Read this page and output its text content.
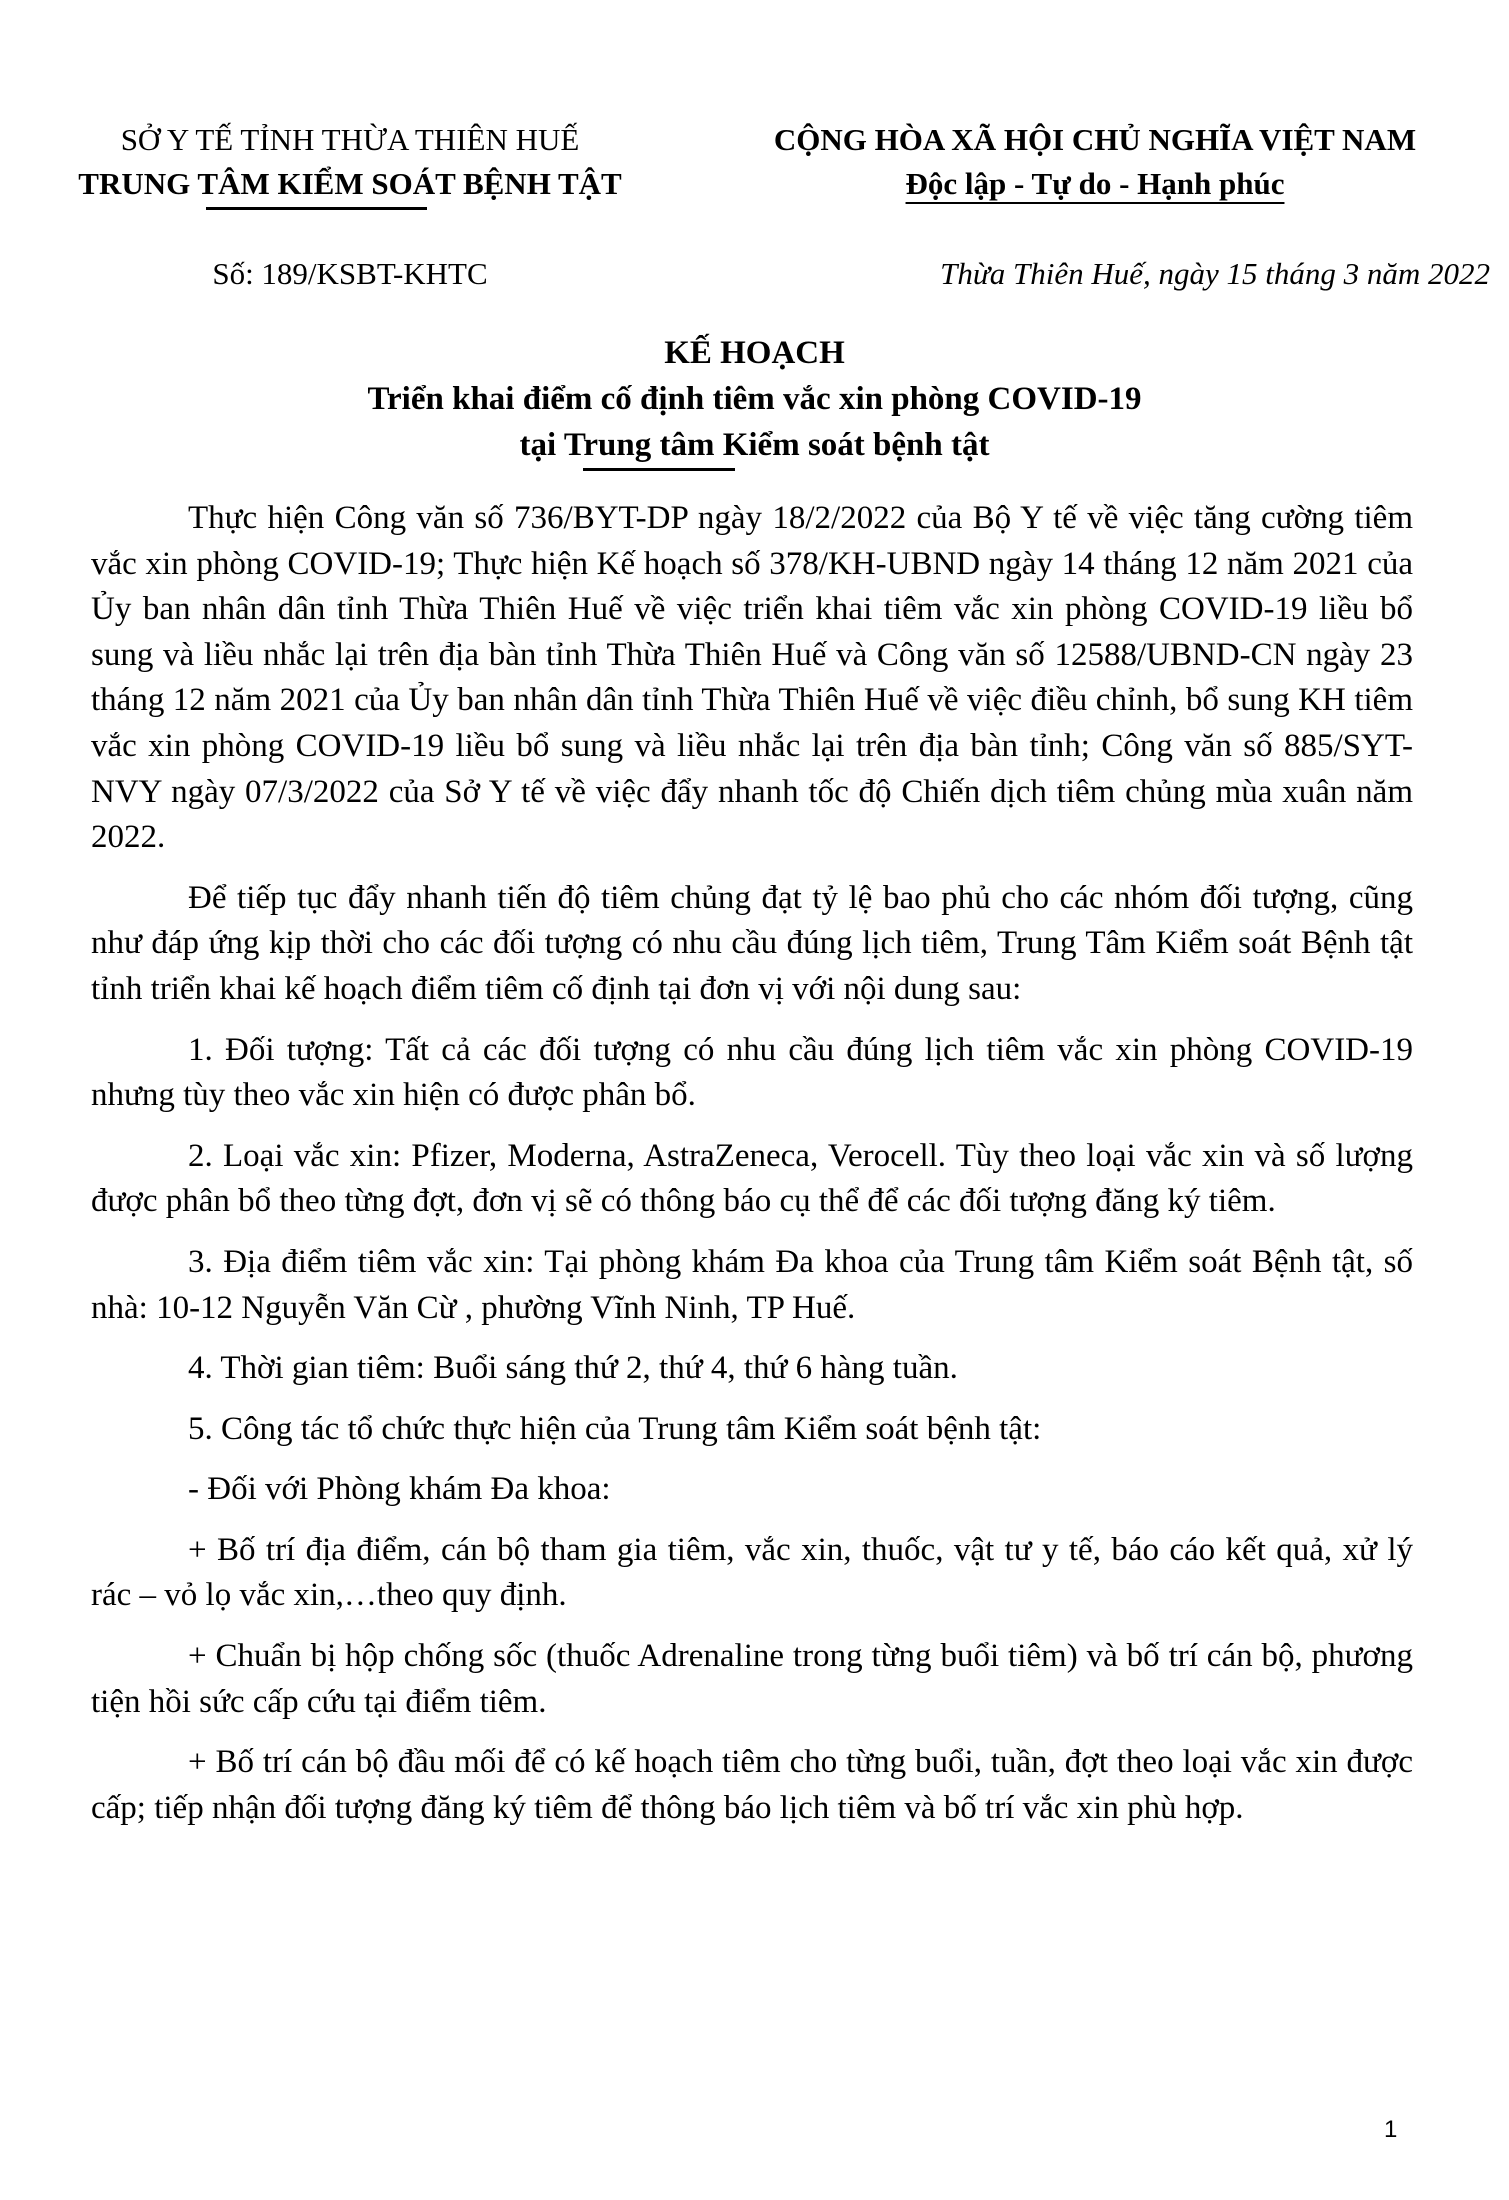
SỞ Y TẾ TỈNH THỪA THIÊN HUẾ
TRUNG TÂM KIỂM SOÁT BỆNH TẬT
CỘNG HÒA XÃ HỘI CHỦ NGHĨA VIỆT NAM
Độc lập - Tự do - Hạnh phúc
Số: 189/KSBT-KHTC	Thừa Thiên Huế, ngày 15 tháng 3 năm 2022
KẾ HOẠCH
Triển khai điểm cố định tiêm vắc xin phòng COVID-19
tại Trung tâm Kiểm soát bệnh tật

Thực hiện Công văn số 736/BYT-DP ngày 18/2/2022 của Bộ Y tế về việc tăng cường tiêm vắc xin phòng COVID-19; Thực hiện Kế hoạch số 378/KH-UBND ngày 14 tháng 12 năm 2021 của Ủy ban nhân dân tỉnh Thừa Thiên Huế về việc triển khai tiêm vắc xin phòng COVID-19 liều bổ sung và liều nhắc lại trên địa bàn tỉnh Thừa Thiên Huế và Công văn số 12588/UBND-CN ngày 23 tháng 12 năm 2021 của Ủy ban nhân dân tỉnh Thừa Thiên Huế về việc điều chỉnh, bổ sung KH tiêm vắc xin phòng COVID-19 liều bổ sung và liều nhắc lại trên địa bàn tỉnh; Công văn số 885/SYT-NVY ngày 07/3/2022 của Sở Y tế về việc đẩy nhanh tốc độ Chiến dịch tiêm chủng mùa xuân năm 2022.

Để tiếp tục đẩy nhanh tiến độ tiêm chủng đạt tỷ lệ bao phủ cho các nhóm đối tượng, cũng như đáp ứng kịp thời cho các đối tượng có nhu cầu đúng lịch tiêm, Trung Tâm Kiểm soát Bệnh tật tỉnh triển khai kế hoạch điểm tiêm cố định tại đơn vị với nội dung sau:

1. Đối tượng: Tất cả các đối tượng có nhu cầu đúng lịch tiêm vắc xin phòng COVID-19 nhưng tùy theo vắc xin hiện có được phân bổ.

2. Loại vắc xin: Pfizer, Moderna, AstraZeneca, Verocell. Tùy theo loại vắc xin và số lượng được phân bổ theo từng đợt, đơn vị sẽ có thông báo cụ thể để các đối tượng đăng ký tiêm.

3. Địa điểm tiêm vắc xin: Tại phòng khám Đa khoa của Trung tâm Kiểm soát Bệnh tật, số nhà: 10-12 Nguyễn Văn Cừ , phường Vĩnh Ninh, TP Huế.

4. Thời gian tiêm: Buổi sáng thứ 2, thứ 4, thứ 6 hàng tuần.

5. Công tác tổ chức thực hiện của Trung tâm Kiểm soát bệnh tật:

- Đối với Phòng khám Đa khoa:

+ Bố trí địa điểm, cán bộ tham gia tiêm, vắc xin, thuốc, vật tư y tế, báo cáo kết quả, xử lý rác – vỏ lọ vắc xin,…theo quy định.

+ Chuẩn bị hộp chống sốc (thuốc Adrenaline trong từng buổi tiêm) và bố trí cán bộ, phương tiện hồi sức cấp cứu tại điểm tiêm.

+ Bố trí cán bộ đầu mối để có kế hoạch tiêm cho từng buổi, tuần, đợt theo loại vắc xin được cấp; tiếp nhận đối tượng đăng ký tiêm để thông báo lịch tiêm và bố trí vắc xin phù hợp.

1
